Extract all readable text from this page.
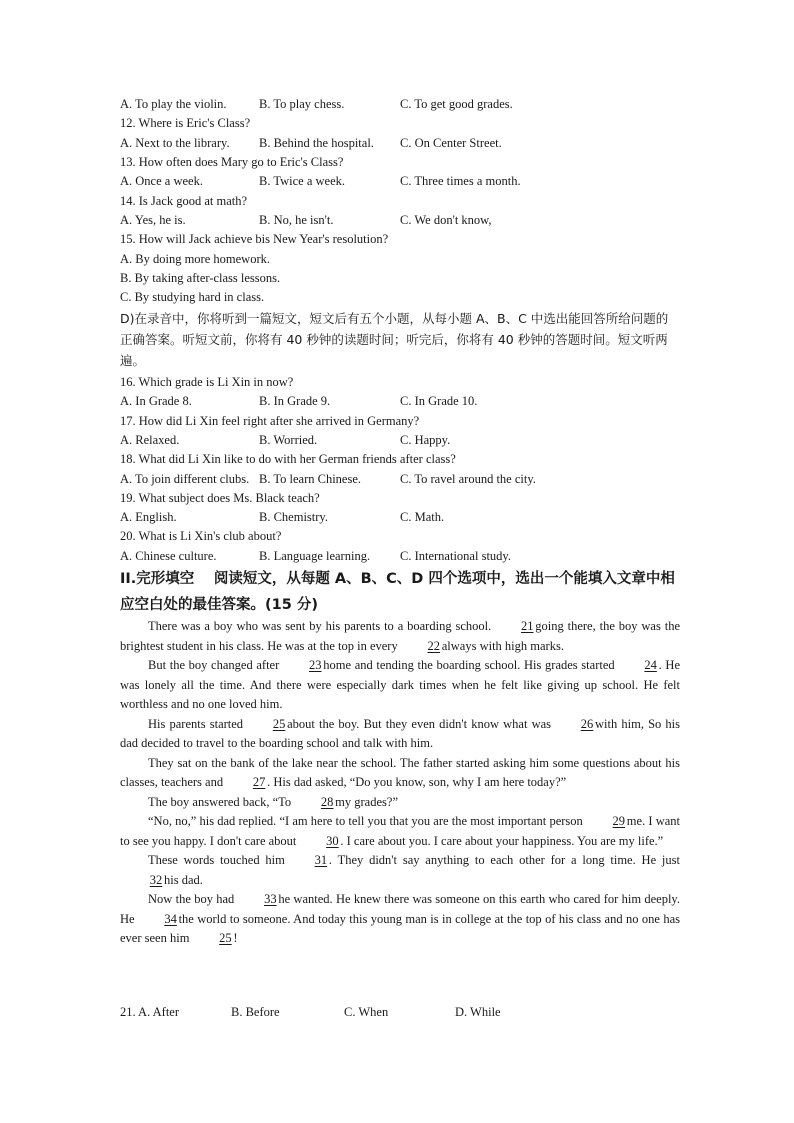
A. To play the violin.	B. To play chess.	C. To get good grades.
12. Where is Eric's Class?
A. Next to the library. B. Behind the hospital. C. On Center Street.
13. How often does Mary go to Eric's Class?
A. Once a week.	B. Twice a week.	C. Three times a month.
14. Is Jack good at math?
A. Yes, he is.	B. No, he isn't.	C. We don't know,
15. How will Jack achieve bis New Year's resolution?
A. By doing more homework.
B. By taking after-class lessons.
C. By studying hard in class.
D)在录音中，你将听到一篇短文，短文后有五个小题，从每小题 A、B、C 中选出能回答所给问题的正确答案。听短文前，你将有 40 秒钟的读题时间；听完后，你将有 40 秒钟的答题时间。短文听两遍。
16. Which grade is Li Xin in now?
A. In Grade 8.	B. In Grade 9.	C. In Grade 10.
17. How did Li Xin feel right after she arrived in Germany?
A. Relaxed.	B. Worried.	C. Happy.
18. What did Li Xin like to do with her German friends after class?
A. To join different clubs. B. To learn Chinese.	C. To ravel around the city.
19. What subject does Ms. Black teach?
A. English.	B. Chemistry.	C. Math.
20. What is Li Xin's club about?
A. Chinese culture.	B. Language learning. C. International study.
II.完形填空　 阅读短文，从每题 A、B、C、D 四个选项中，选出一个能填入文章中相应空白处的最佳答案。(15 分)

There was a boy who was sent by his parents to a boarding school. 21 going there, the boy was the brightest student in his class. He was at the top in every 22 always with high marks.

But the boy changed after 23 home and tending the boarding school. His grades started 24 . He was lonely all the time. And there were especially dark times when he felt like giving up school. He felt worthless and no one loved him.

His parents started 25 about the boy. But they even didn't know what was 26 with him, So his dad decided to travel to the boarding school and talk with him.

They sat on the bank of the lake near the school. The father started asking him some questions about his classes, teachers and 27 . His dad asked, “Do you know, son, why I am here today?”

The boy answered back, “To 28 my grades?”

“No, no,” his dad replied. “I am here to tell you that you are the most important person 29 me. I want to see you happy. I don't care about 30 . I care about you. I care about your happiness. You are my life.”

These words touched him 31 . They didn't say anything to each other for a long time. He just32 his dad.

Now the boy had 33 he wanted. He knew there was someone on this earth who cared for him deeply. He 34 the world to someone. And today this young man is in college at the top of his class and no one has ever seen him 25 !

21. A. After	B. Before	C. When	D. While
